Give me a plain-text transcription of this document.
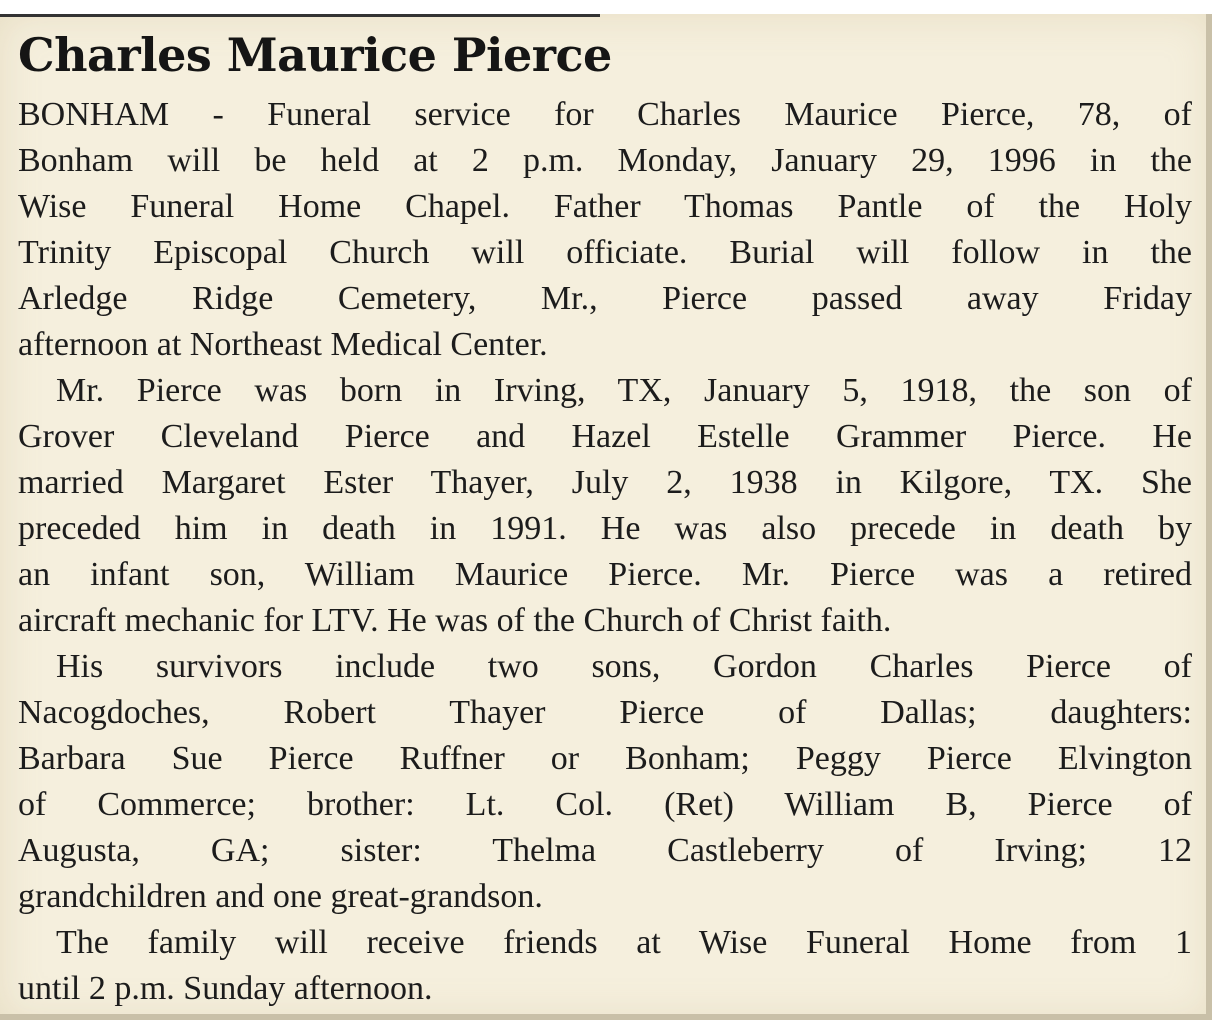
Charles Maurice Pierce
BONHAM - Funeral service for Charles Maurice Pierce, 78, of
Bonham will be held at 2 p.m. Monday, January 29, 1996 in the
Wise Funeral Home Chapel. Father Thomas Pantle of the Holy
Trinity Episcopal Church will officiate. Burial will follow in the
Arledge Ridge Cemetery, Mr., Pierce passed away Friday
afternoon at Northeast Medical Center.
Mr. Pierce was born in Irving, TX, January 5, 1918, the son of
Grover Cleveland Pierce and Hazel Estelle Grammer Pierce. He
married Margaret Ester Thayer, July 2, 1938 in Kilgore, TX. She
preceded him in death in 1991. He was also precede in death by
an infant son, William Maurice Pierce. Mr. Pierce was a retired
aircraft mechanic for LTV. He was of the Church of Christ faith.
His survivors include two sons, Gordon Charles Pierce of
Nacogdoches, Robert Thayer Pierce of Dallas; daughters:
Barbara Sue Pierce Ruffner or Bonham; Peggy Pierce Elvington
of Commerce; brother: Lt. Col. (Ret) William B, Pierce of
Augusta, GA; sister: Thelma Castleberry of Irving; 12
grandchildren and one great-grandson.
The family will receive friends at Wise Funeral Home from 1
until 2 p.m. Sunday afternoon.
